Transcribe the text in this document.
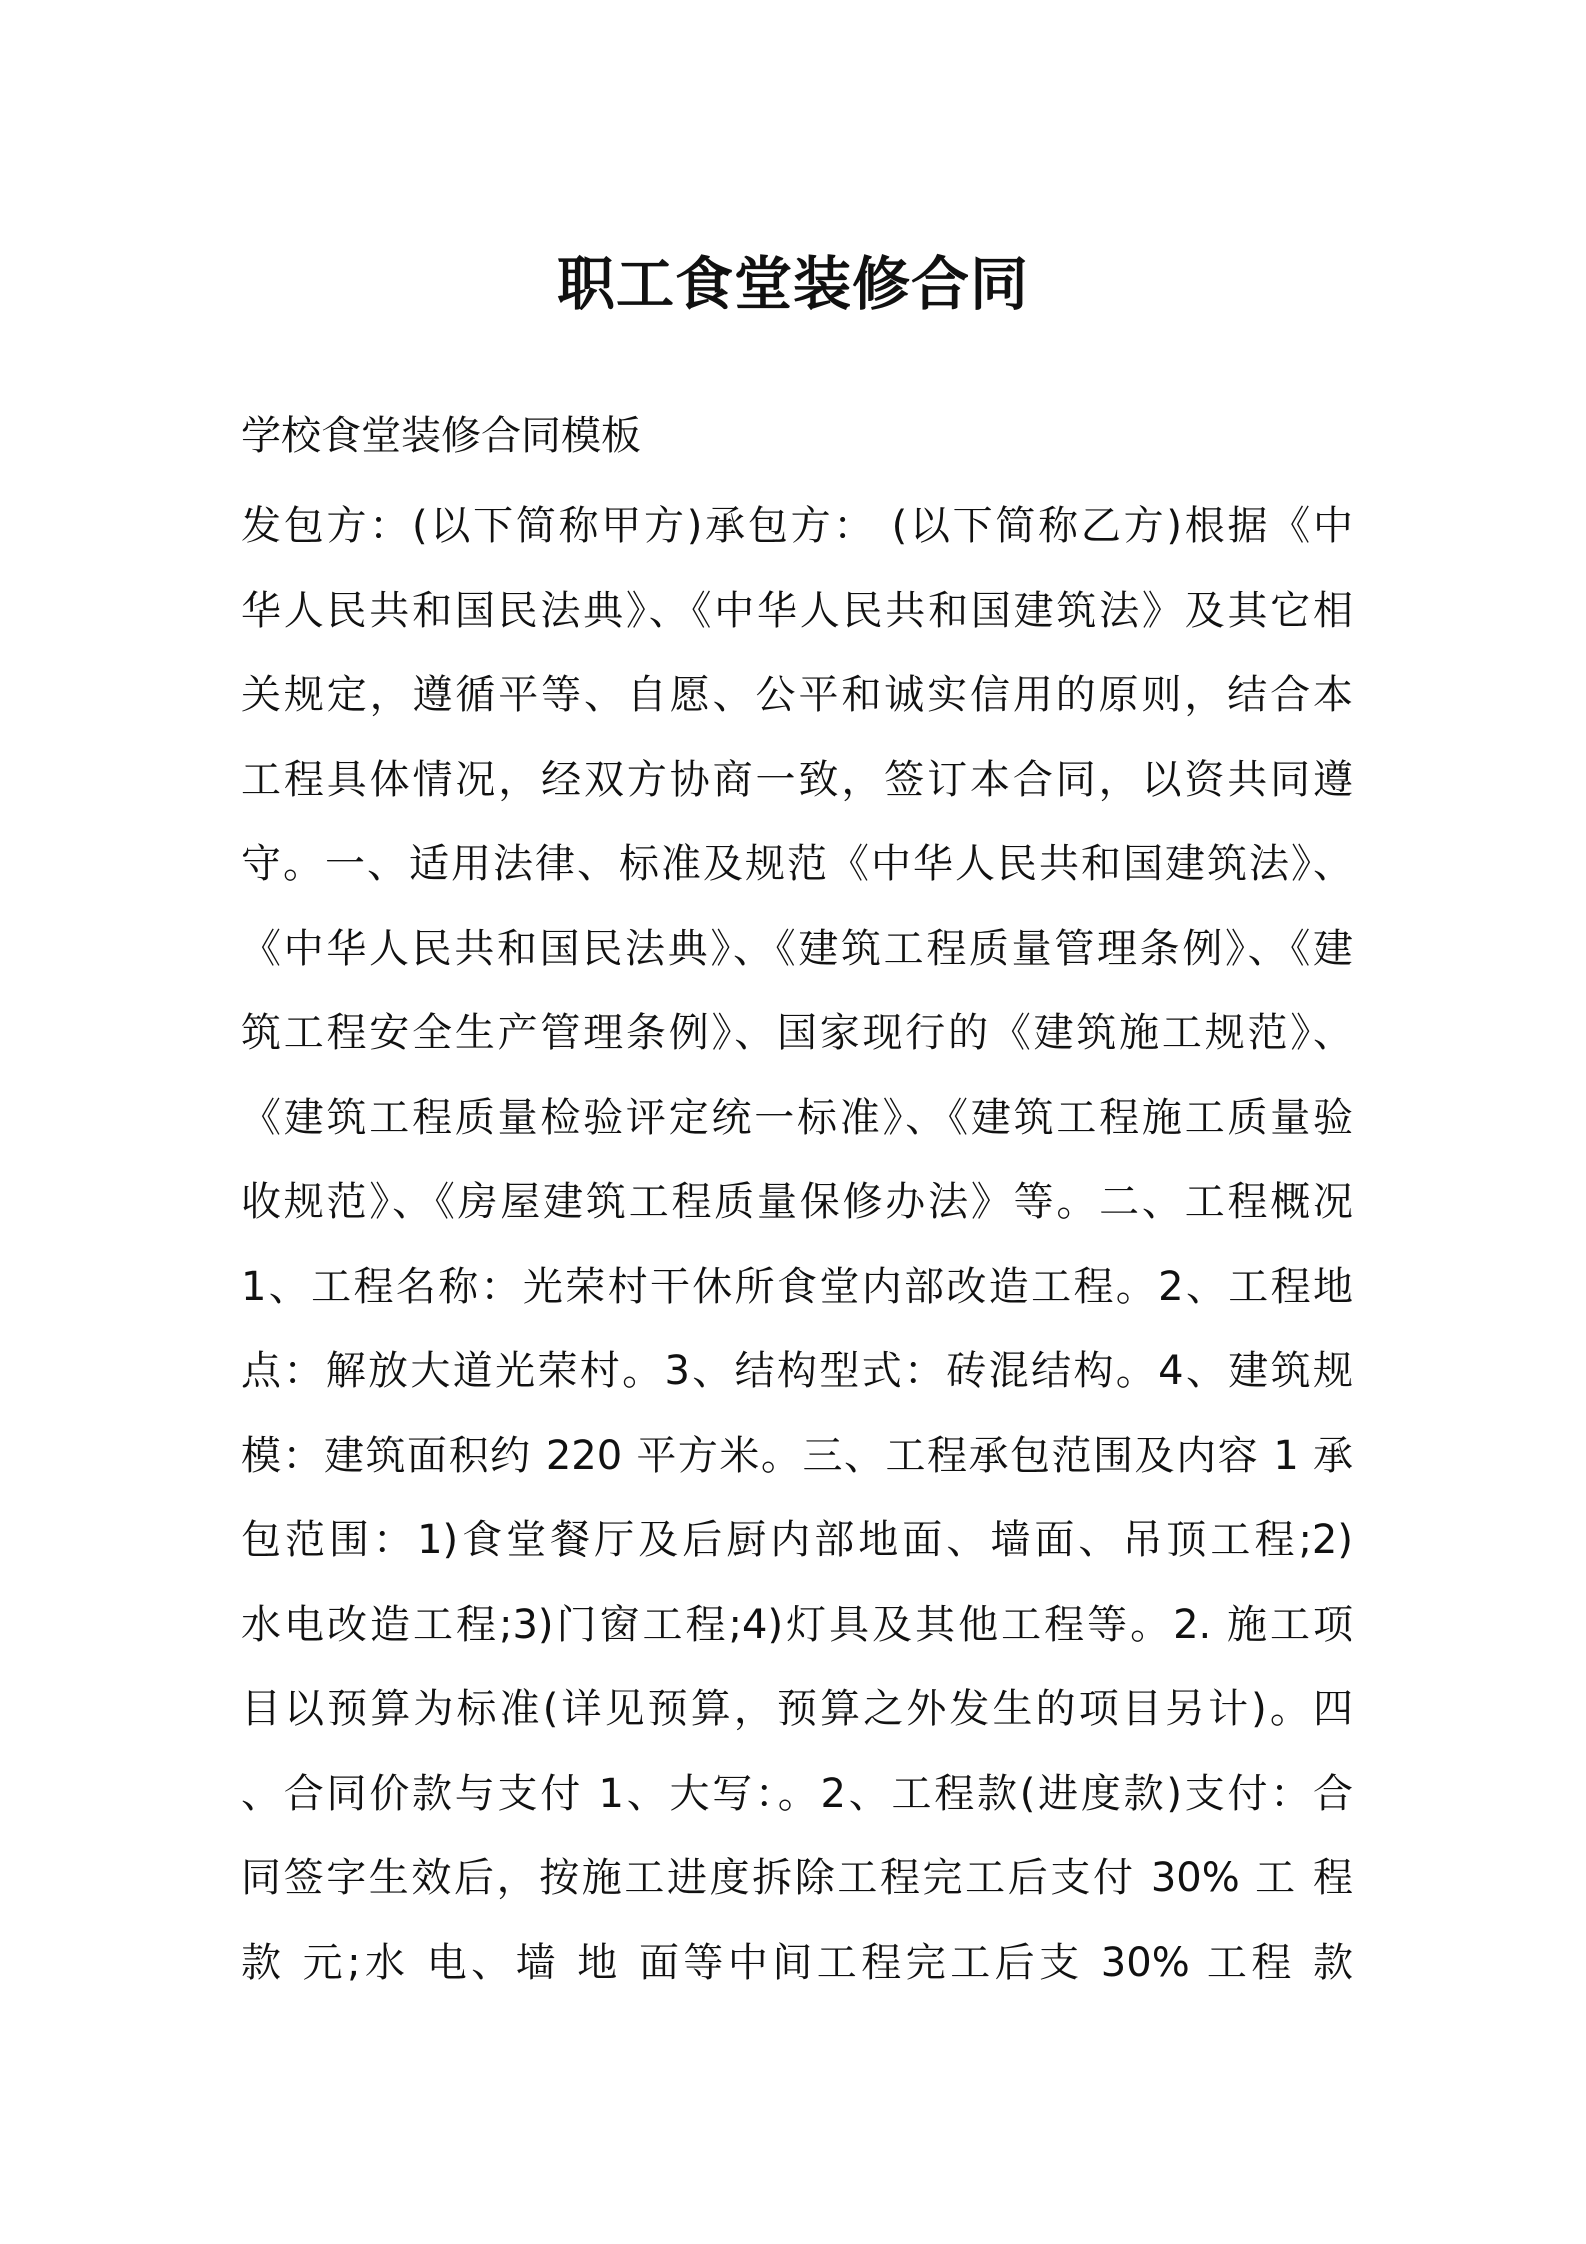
职工食堂装修合同
学校食堂装修合同模板
发包方：(以下简称甲方)承包方： (以下简称乙方)根据《中
华人民共和国民法典》、《中华人民共和国建筑法》及其它相
关规定，遵循平等、自愿、公平和诚实信用的原则，结合本
工程具体情况，经双方协商一致，签订本合同，以资共同遵
守。一、适用法律、标准及规范《中华人民共和国建筑法》、
《中华人民共和国民法典》、《建筑工程质量管理条例》、《建
筑工程安全生产管理条例》、国家现行的《建筑施工规范》、
《建筑工程质量检验评定统一标准》、《建筑工程施工质量验
收规范》、《房屋建筑工程质量保修办法》等。二、工程概况
1、工程名称：光荣村干休所食堂内部改造工程。2、工程地
点：解放大道光荣村。3、结构型式：砖混结构。4、建筑规
模：建筑面积约 220 平方米。三、工程承包范围及内容 1 承
包范围：1)食堂餐厅及后厨内部地面、墙面、吊顶工程;2)
水电改造工程;3)门窗工程;4)灯具及其他工程等。2. 施工项
目以预算为标准(详见预算，预算之外发生的项目另计)。四
、合同价款与支付 1、大写：。2、工程款(进度款)支付：合
同签字生效后，按施工进度拆除工程完工后支付 30% 工 程
款 元;水 电、墙 地 面等中间工程完工后支 30% 工程 款
